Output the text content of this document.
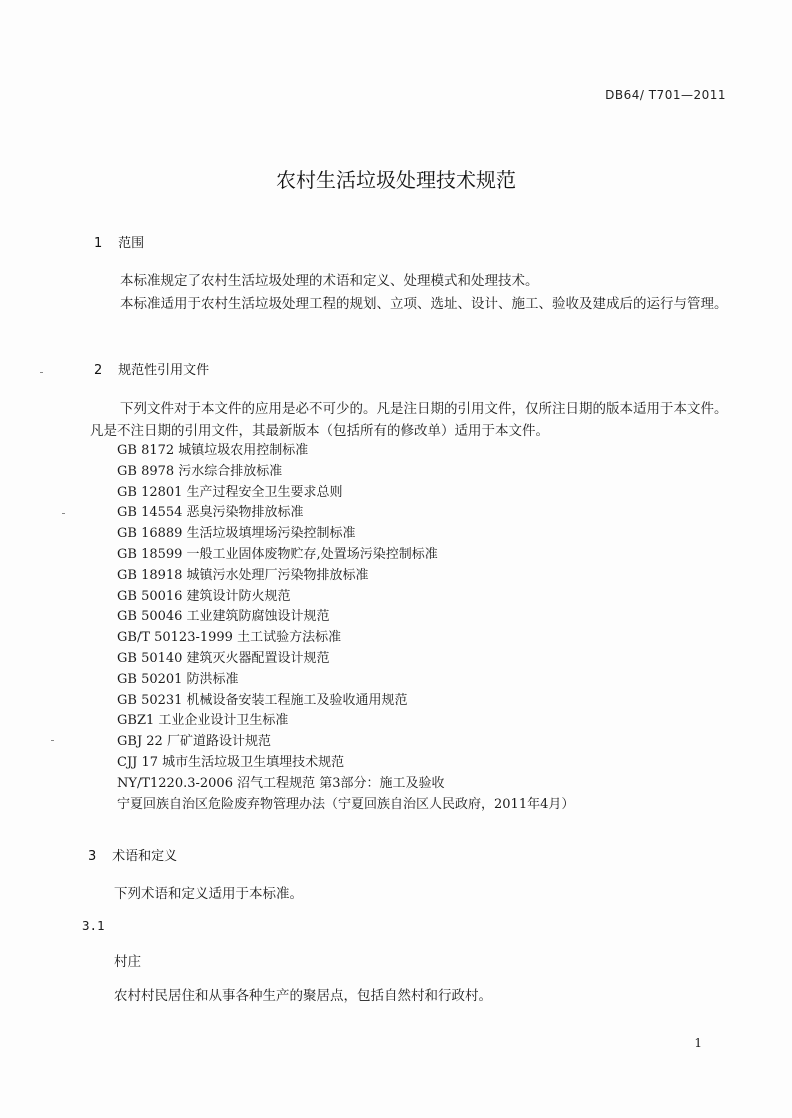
DB64/ T701—2011
农村生活垃圾处理技术规范
1 范围
本标准规定了农村生活垃圾处理的术语和定义、处理模式和处理技术。
本标准适用于农村生活垃圾处理工程的规划、立项、选址、设计、施工、验收及建成后的运行与管理。
2 规范性引用文件
下列文件对于本文件的应用是必不可少的。凡是注日期的引用文件，仅所注日期的版本适用于本文件。凡是不注日期的引用文件，其最新版本（包括所有的修改单）适用于本文件。
GB 8172 城镇垃圾农用控制标准
GB 8978 污水综合排放标准
GB 12801 生产过程安全卫生要求总则
GB 14554 恶臭污染物排放标准
GB 16889 生活垃圾填埋场污染控制标准
GB 18599 一般工业固体废物贮存,处置场污染控制标准
GB 18918 城镇污水处理厂污染物排放标准
GB 50016 建筑设计防火规范
GB 50046 工业建筑防腐蚀设计规范
GB/T 50123-1999 土工试验方法标准
GB 50140 建筑灭火器配置设计规范
GB 50201 防洪标准
GB 50231 机械设备安装工程施工及验收通用规范
GBZ1 工业企业设计卫生标准
GBJ 22 厂矿道路设计规范
CJJ 17 城市生活垃圾卫生填埋技术规范
NY/T1220.3-2006 沼气工程规范 第3部分：施工及验收
宁夏回族自治区危险废弃物管理办法（宁夏回族自治区人民政府，2011年4月）
3 术语和定义
下列术语和定义适用于本标准。
3.1
村庄
农村村民居住和从事各种生产的聚居点，包括自然村和行政村。
1
